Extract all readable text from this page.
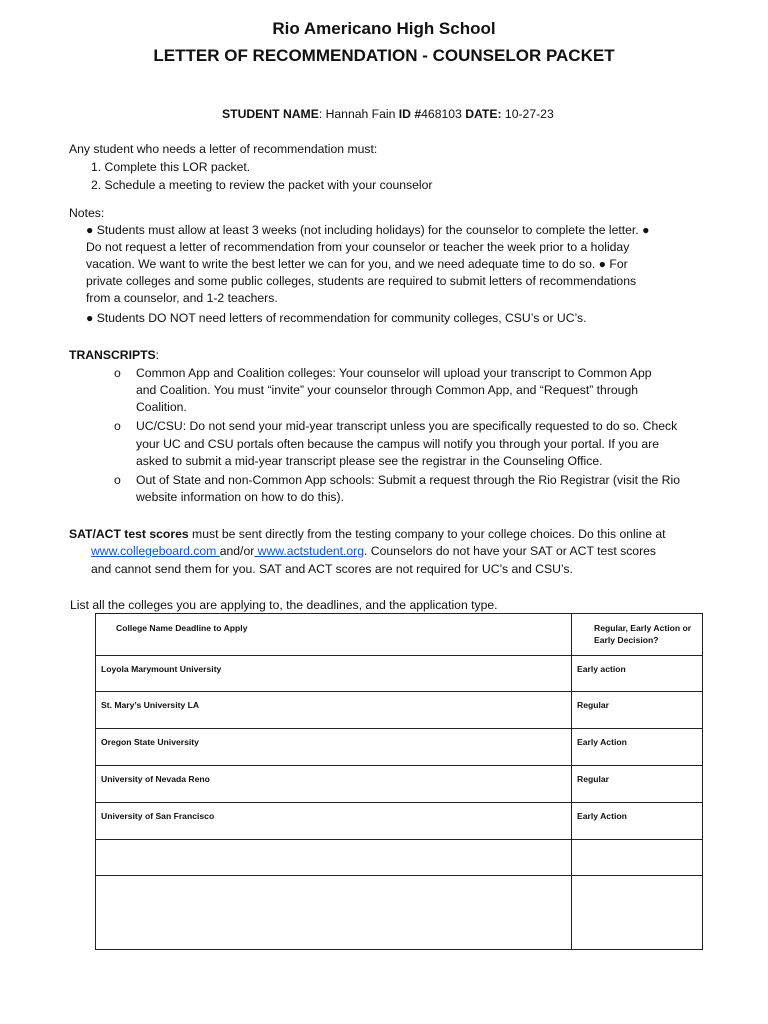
Rio Americano High School
LETTER OF RECOMMENDATION - COUNSELOR PACKET
STUDENT NAME: Hannah Fain ID #468103 DATE: 10-27-23
Any student who needs a letter of recommendation must:
1. Complete this LOR packet.
2. Schedule a meeting to review the packet with your counselor
Notes:
● Students must allow at least 3 weeks (not including holidays) for the counselor to complete the letter. ●
Do not request a letter of recommendation from your counselor or teacher the week prior to a holiday
vacation. We want to write the best letter we can for you, and we need adequate time to do so. ● For
private colleges and some public colleges, students are required to submit letters of recommendations
from a counselor, and 1-2 teachers.
● Students DO NOT need letters of recommendation for community colleges, CSU’s or UC’s.
TRANSCRIPTS:
o Common App and Coalition colleges: Your counselor will upload your transcript to Common App
and Coalition. You must “invite” your counselor through Common App, and “Request” through
Coalition.
o UC/CSU: Do not send your mid-year transcript unless you are specifically requested to do so. Check
your UC and CSU portals often because the campus will notify you through your portal. If you are
asked to submit a mid-year transcript please see the registrar in the Counseling Office.
o Out of State and non-Common App schools: Submit a request through the Rio Registrar (visit the Rio
website information on how to do this).
SAT/ACT test scores must be sent directly from the testing company to your college choices. Do this online at
www.collegeboard.com and/or www.actstudent.org. Counselors do not have your SAT or ACT test scores
and cannot send them for you. SAT and ACT scores are not required for UC’s and CSU’s.
List all the colleges you are applying to, the deadlines, and the application type.
College Name Deadline to Apply	Regular, Early Action or
Early Decision?
Loyola Marymount University	Early action
St. Mary’s University LA	Regular
Oregon State University	Early Action
University of Nevada Reno	Regular
University of San Francisco	Early Action
